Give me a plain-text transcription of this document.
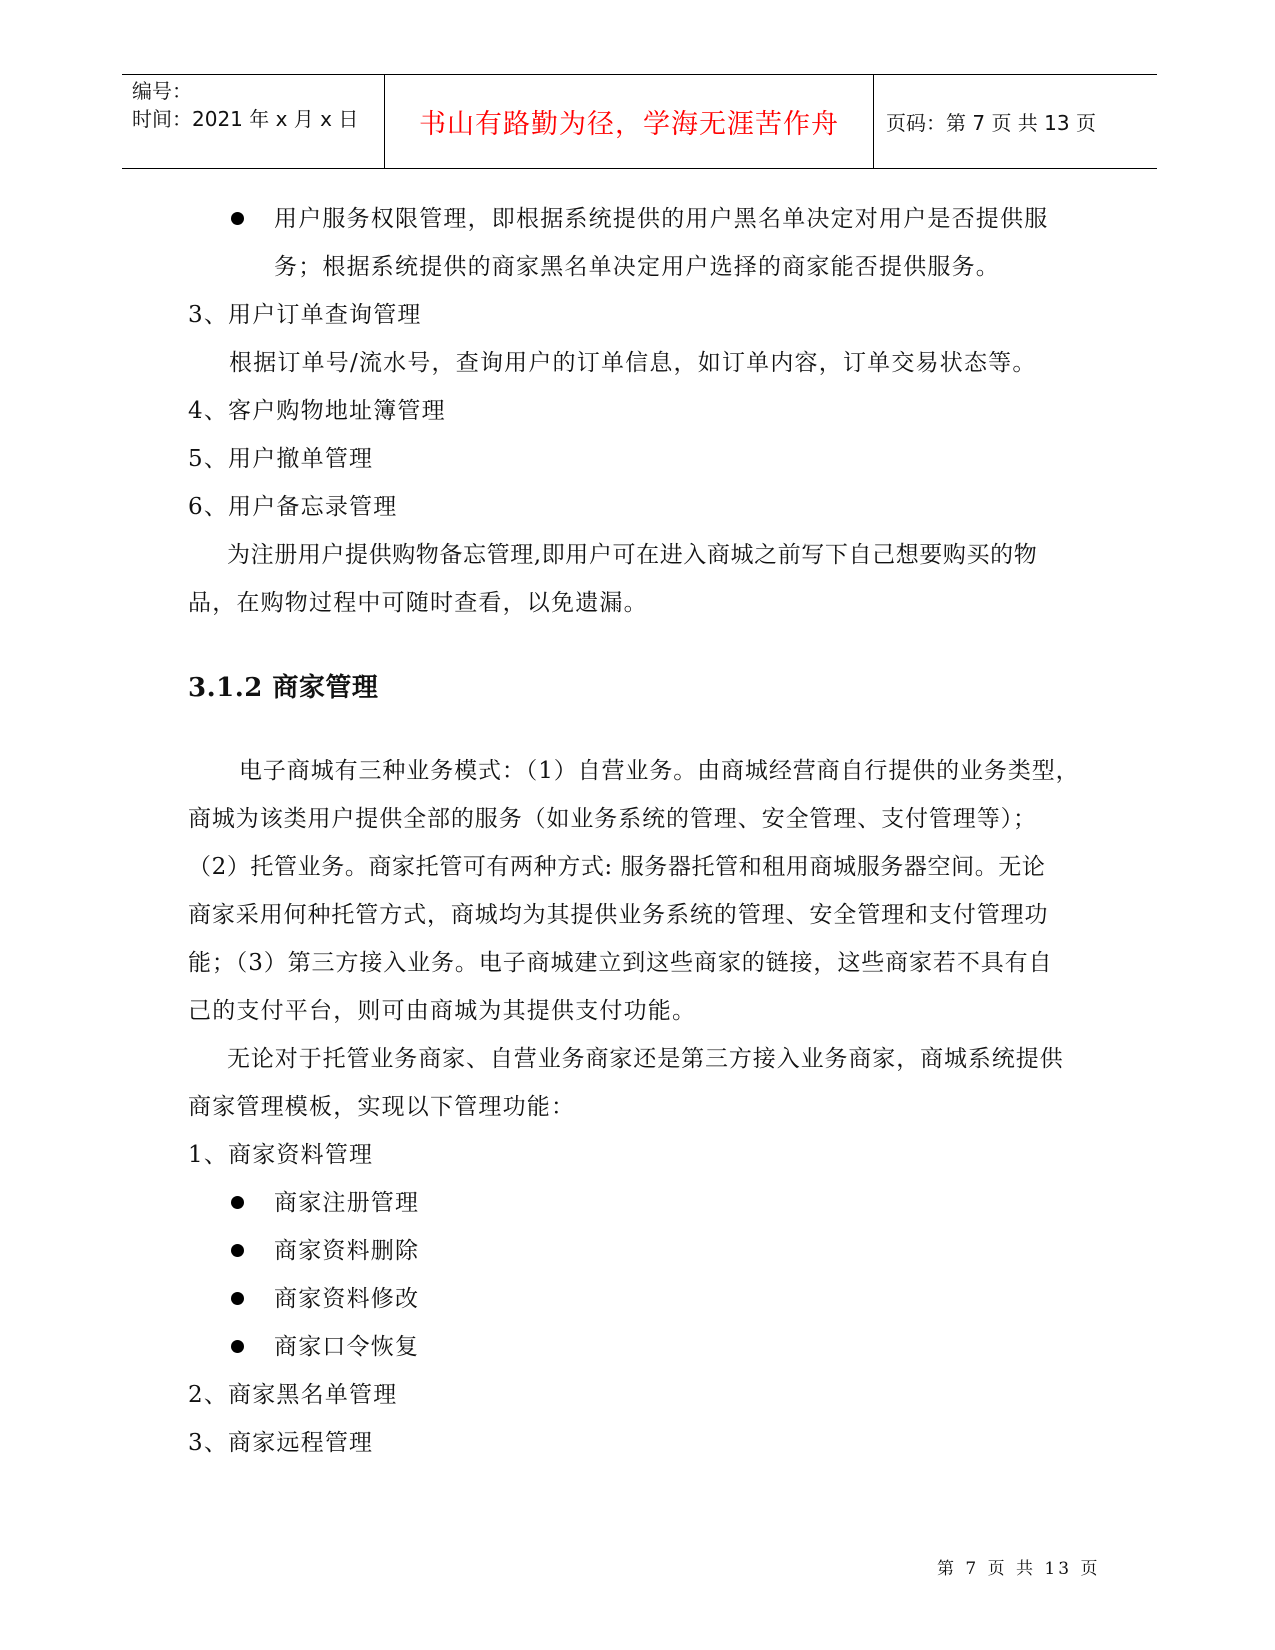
编号：
时间：2021 年 x 月 x 日	书山有路勤为径，学海无涯苦作舟	页码：第 7 页 共 13 页
用户服务权限管理，即根据系统提供的用户黑名单决定对用户是否提供服
务；根据系统提供的商家黑名单决定用户选择的商家能否提供服务。
3、用户订单查询管理
根据订单号/流水号，查询用户的订单信息，如订单内容，订单交易状态等。
4、客户购物地址簿管理
5、用户撤单管理
6、用户备忘录管理
为注册用户提供购物备忘管理,即用户可在进入商城之前写下自己想要购买的物
品，在购物过程中可随时查看，以免遗漏。
3.1.2 商家管理
电子商城有三种业务模式：（1）自营业务。由商城经营商自行提供的业务类型，
商城为该类用户提供全部的服务（如业务系统的管理、安全管理、支付管理等）；
（2）托管业务。商家托管可有两种方式: 服务器托管和租用商城服务器空间。无论
商家采用何种托管方式，商城均为其提供业务系统的管理、安全管理和支付管理功
能；（3）第三方接入业务。电子商城建立到这些商家的链接，这些商家若不具有自
己的支付平台，则可由商城为其提供支付功能。
无论对于托管业务商家、自营业务商家还是第三方接入业务商家，商城系统提供
商家管理模板，实现以下管理功能：
1、商家资料管理
商家注册管理
商家资料删除
商家资料修改
商家口令恢复
2、商家黑名单管理
3、商家远程管理
第 7 页 共 13 页
